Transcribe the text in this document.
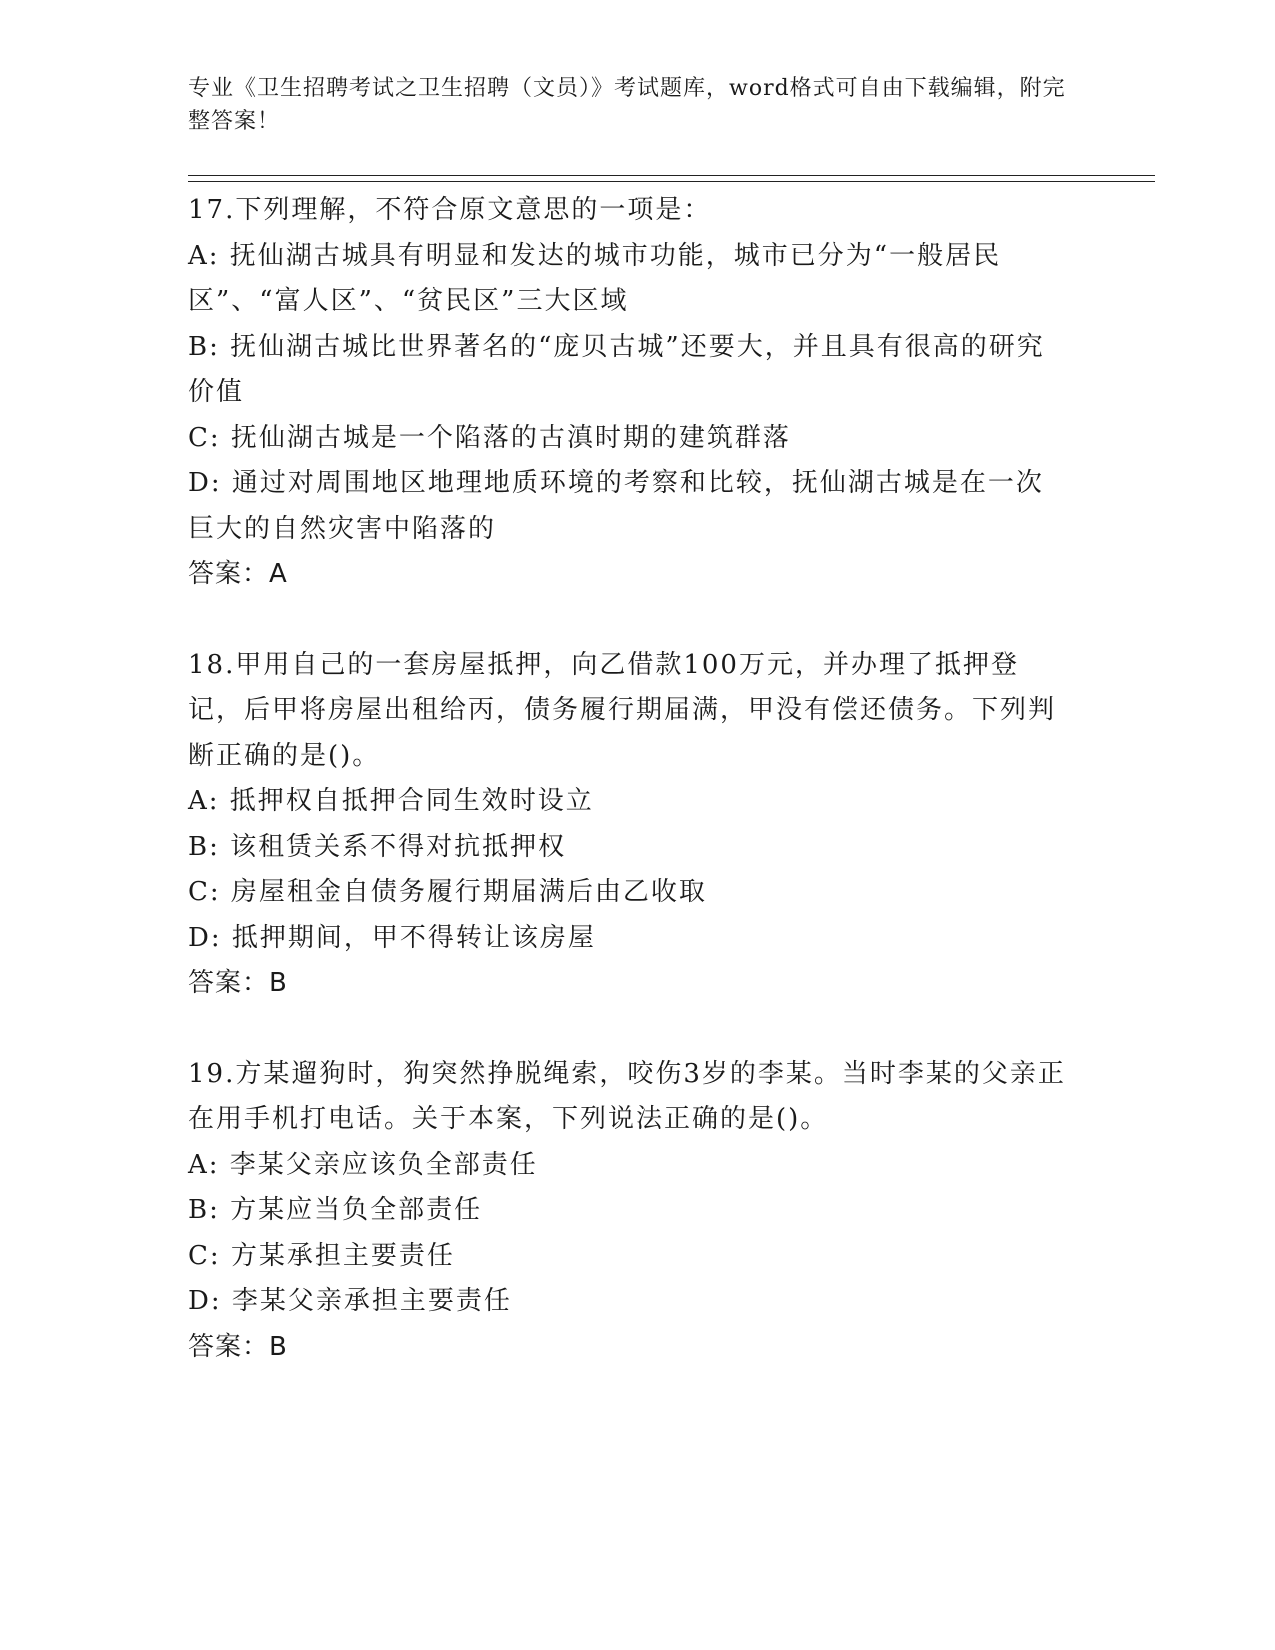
专业《卫生招聘考试之卫生招聘（文员）》考试题库，word格式可自由下载编辑，附完整答案！
17.下列理解，不符合原文意思的一项是：
A: 抚仙湖古城具有明显和发达的城市功能，城市已分为“一般居民区”、“富人区”、“贫民区”三大区域
B: 抚仙湖古城比世界著名的“庞贝古城”还要大，并且具有很高的研究价值
C: 抚仙湖古城是一个陷落的古滇时期的建筑群落
D: 通过对周围地区地理地质环境的考察和比较，抚仙湖古城是在一次巨大的自然灾害中陷落的
答案：A
18.甲用自己的一套房屋抵押，向乙借款100万元，并办理了抵押登记，后甲将房屋出租给丙，债务履行期届满，甲没有偿还债务。下列判断正确的是()。
A: 抵押权自抵押合同生效时设立
B: 该租赁关系不得对抗抵押权
C: 房屋租金自债务履行期届满后由乙收取
D: 抵押期间，甲不得转让该房屋
答案：B
19.方某遛狗时，狗突然挣脱绳索，咬伤3岁的李某。当时李某的父亲正在用手机打电话。关于本案，下列说法正确的是()。
A: 李某父亲应该负全部责任
B: 方某应当负全部责任
C: 方某承担主要责任
D: 李某父亲承担主要责任
答案：B
